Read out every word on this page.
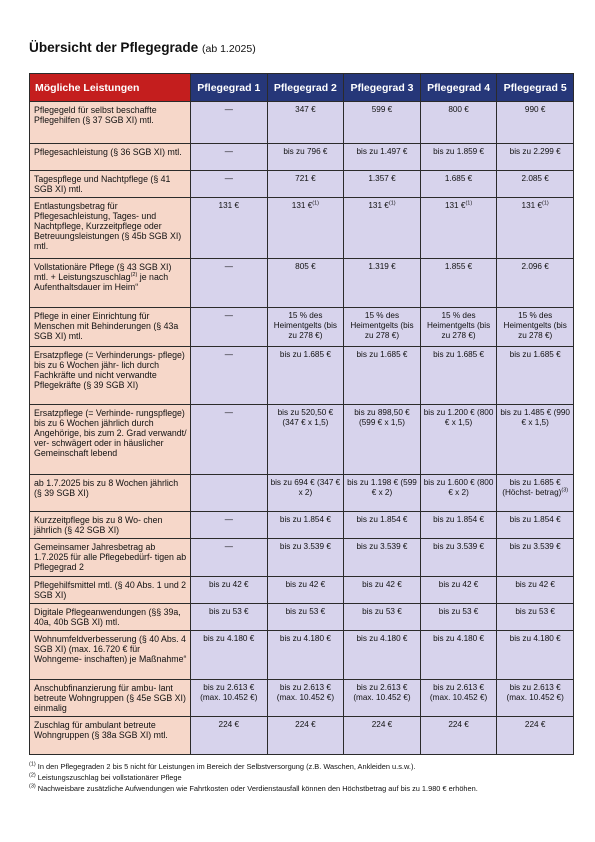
Übersicht der Pflegegrade (ab 1.2025)
Mögliche Leistungen	Pflegegrad 1	Pflegegrad 2	Pflegegrad 3	Pflegegrad 4	Pflegegrad 5
Pflegegeld für selbst beschaffte Pflegehilfen (§ 37 SGB XI) mtl.	—	347 €	599 €	800 €	990 €
Pflegesachleistung (§ 36 SGB XI) mtl.	—	bis zu 796 €	bis zu 1.497 €	bis zu 1.859 €	bis zu 2.299 €
Tagespflege und Nachtpflege (§ 41 SGB XI) mtl.	—	721 €	1.357 €	1.685 €	2.085 €
Entlastungsbetrag für Pflegesachleistung, Tages- und Nachtpflege, Kurzzeitpflege oder Betreuungsleistungen (§ 45b SGB XI) mtl.	131 €	131 €$^{(1)}$	131 €$^{(1)}$	131 €$^{(1)}$	131 €$^{(1)}$
Vollstationäre Pflege (§ 43 SGB XI) mtl. + Leistungszuschlag$^{(2)}$ je nach Aufenthaltsdauer im Heim“	—	805 €	1.319 €	1.855 €	2.096 €
Pflege in einer Einrichtung für Menschen mit Behinderungen (§ 43a SGB XI) mtl.	—	15 % des Heimentgelts (bis zu 278 €)	15 % des Heimentgelts (bis zu 278 €)	15 % des Heimentgelts (bis zu 278 €)	15 % des Heimentgelts (bis zu 278 €)
Ersatzpflege (= Verhinderungs- pflege) bis zu 6 Wochen jähr- lich durch Fachkräfte und nicht verwandte Pflegekräfte (§ 39 SGB XI)	—	bis zu 1.685 €	bis zu 1.685 €	bis zu 1.685 €	bis zu 1.685 €
Ersatzpflege (= Verhinde- rungspflege) bis zu 6 Wochen jährlich durch Angehörige, bis zum 2. Grad verwandt/ ver- schwägert oder in häuslicher Gemeinschaft lebend	—	bis zu 520,50 € (347 € x 1,5)	bis zu 898,50 € (599 € x 1,5)	bis zu 1.200 € (800 € x 1,5)	bis zu 1.485 € (990 € x 1,5)
ab 1.7.2025 bis zu 8 Wochen jährlich (§ 39 SGB XI)		bis zu 694 € (347 € x 2)	bis zu 1.198 € (599 € x 2)	bis zu 1.600 € (800 € x 2)	bis zu 1.685 € (Höchst- betrag)$^{(3)}$
Kurzzeitpflege bis zu 8 Wo- chen jährlich (§ 42 SGB XI)	—	bis zu 1.854 €	bis zu 1.854 €	bis zu 1.854 €	bis zu 1.854 €
Gemeinsamer Jahresbetrag ab 1.7.2025 für alle Pflegebedürf- tigen ab Pflegegrad 2	—	bis zu 3.539 €	bis zu 3.539 €	bis zu 3.539 €	bis zu 3.539 €
Pflegehilfsmittel mtl. (§ 40 Abs. 1 und 2 SGB XI)	bis zu 42 €	bis zu 42 €	bis zu 42 €	bis zu 42 €	bis zu 42 €
Digitale Pflegeanwendungen (§§ 39a, 40a, 40b SGB XI) mtl.	bis zu 53 €	bis zu 53 €	bis zu 53 €	bis zu 53 €	bis zu 53 €
Wohnumfeldverbesserung (§ 40 Abs. 4 SGB XI) (max. 16.720 € für Wohngeme- inschaften) je Maßnahme“	bis zu 4.180 €	bis zu 4.180 €	bis zu 4.180 €	bis zu 4.180 €	bis zu 4.180 €
Anschubfinanzierung für ambu- lant betreute Wohngruppen (§ 45e SGB XI) einmalig	bis zu 2.613 € (max. 10.452 €)	bis zu 2.613 € (max. 10.452 €)	bis zu 2.613 € (max. 10.452 €)	bis zu 2.613 € (max. 10.452 €)	bis zu 2.613 € (max. 10.452 €)
Zuschlag für ambulant betreute Wohngruppen (§ 38a SGB XI) mtl.	224 €	224 €	224 €	224 €	224 €
$^{(1)}$ In den Pflegegraden 2 bis 5 nicht für Leistungen im Bereich der Selbstversorgung (z.B. Waschen, Ankleiden u.s.w.).
$^{(2)}$ Leistungszuschlag bei vollstationärer Pflege
$^{(3)}$ Nachweisbare zusätzliche Aufwendungen wie Fahrtkosten oder Verdienstausfall können den Höchstbetrag auf bis zu 1.980 € erhöhen.
